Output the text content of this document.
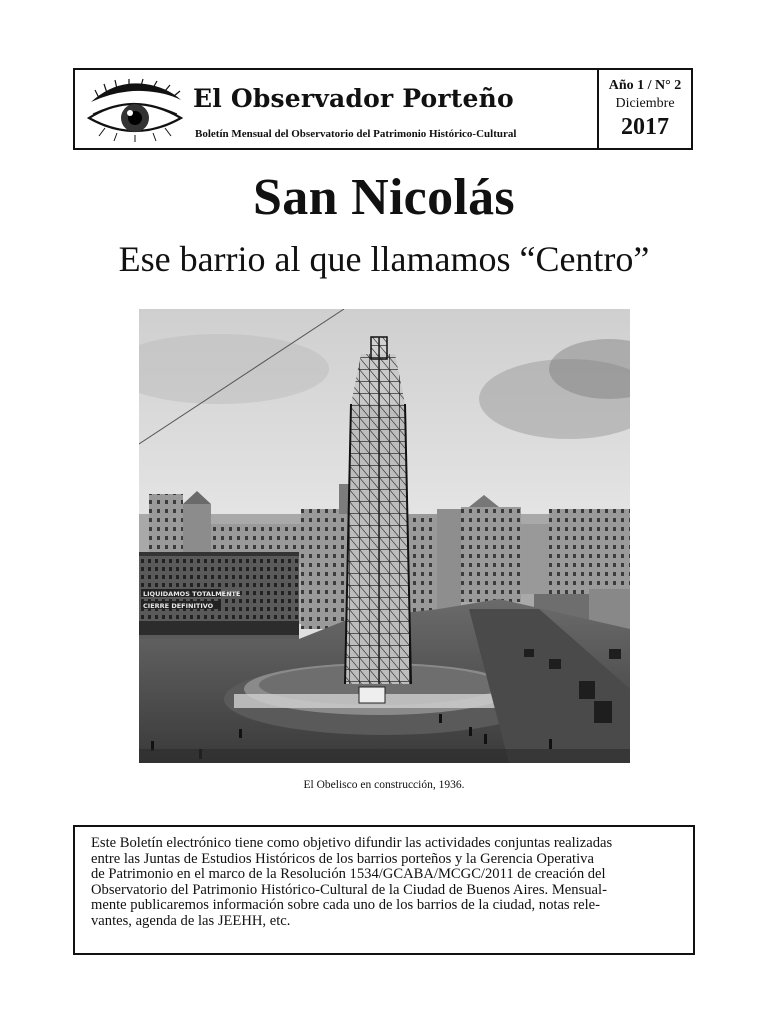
El Observador Porteño
Boletín Mensual del Observatorio del Patrimonio Histórico-Cultural
Año 1 / N° 2
Diciembre
2017
San Nicolás
Ese barrio al que llamamos “Centro”
LIQUIDAMOS TOTALMENTE
CIERRE DEFINITIVO
El Obelisco en construcción, 1936.

Este Boletín electrónico tiene como objetivo difundir las actividades conjuntas realizadas
entre las Juntas de Estudios Históricos de los barrios porteños y la Gerencia Operativa
de Patrimonio en el marco de la Resolución 1534/GCABA/MCGC/2011 de creación del
Observatorio del Patrimonio Histórico-Cultural de la Ciudad de Buenos Aires. Mensual-
mente publicaremos información sobre cada uno de los barrios de la ciudad, notas rele-
vantes, agenda de las JEEHH, etc.
